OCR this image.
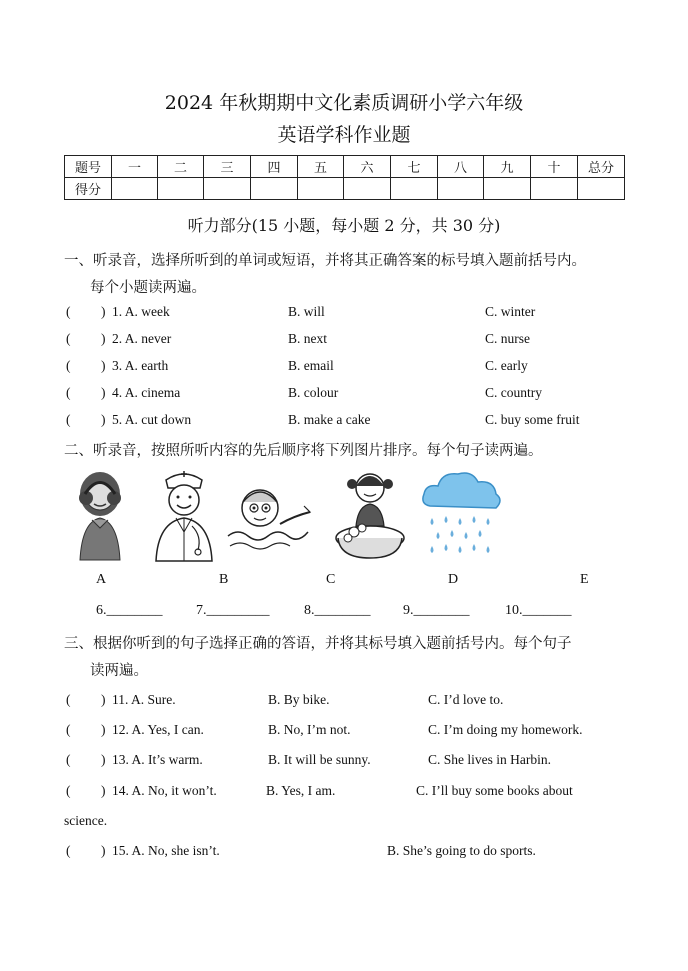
2024 年秋期期中文化素质调研小学六年级
英语学科作业题
题号	一	二	三	四	五	六	七	八	九	十	总分
得分											
听力部分(15 小题，每小题 2 分，共 30 分)
一、听录音，选择所听到的单词或短语，并将其正确答案的标号填入题前括号内。
每个小题读两遍。
( ) 1. A. week	B. will	C. winter
( ) 2. A. never	B. next	C. nurse
( ) 3. A. earth	B. email	C. early
( ) 4. A. cinema	B. colour	C. country
( ) 5. A. cut down	B. make a cake	C. buy some fruit
二、听录音，按照所听内容的先后顺序将下列图片排序。每个句子读两遍。
A	B	C	D	E
6.________ 7._________ 8.________ 9.________	10._______
三、根据你听到的句子选择正确的答语，并将其标号填入题前括号内。每个句子
读两遍。
( ) 11. A. Sure.	B. By bike.	C. I’d love to.
( ) 12. A. Yes, I can.	B. No, I’m not.	C. I’m doing my homework.
( ) 13. A. It’s warm.	B. It will be sunny.	C. She lives in Harbin.
( ) 14. A. No, it won’t.	B. Yes, I am.	C. I’ll buy some books about
science.
( ) 15. A. No, she isn’t.	B. She’s going to do sports.
